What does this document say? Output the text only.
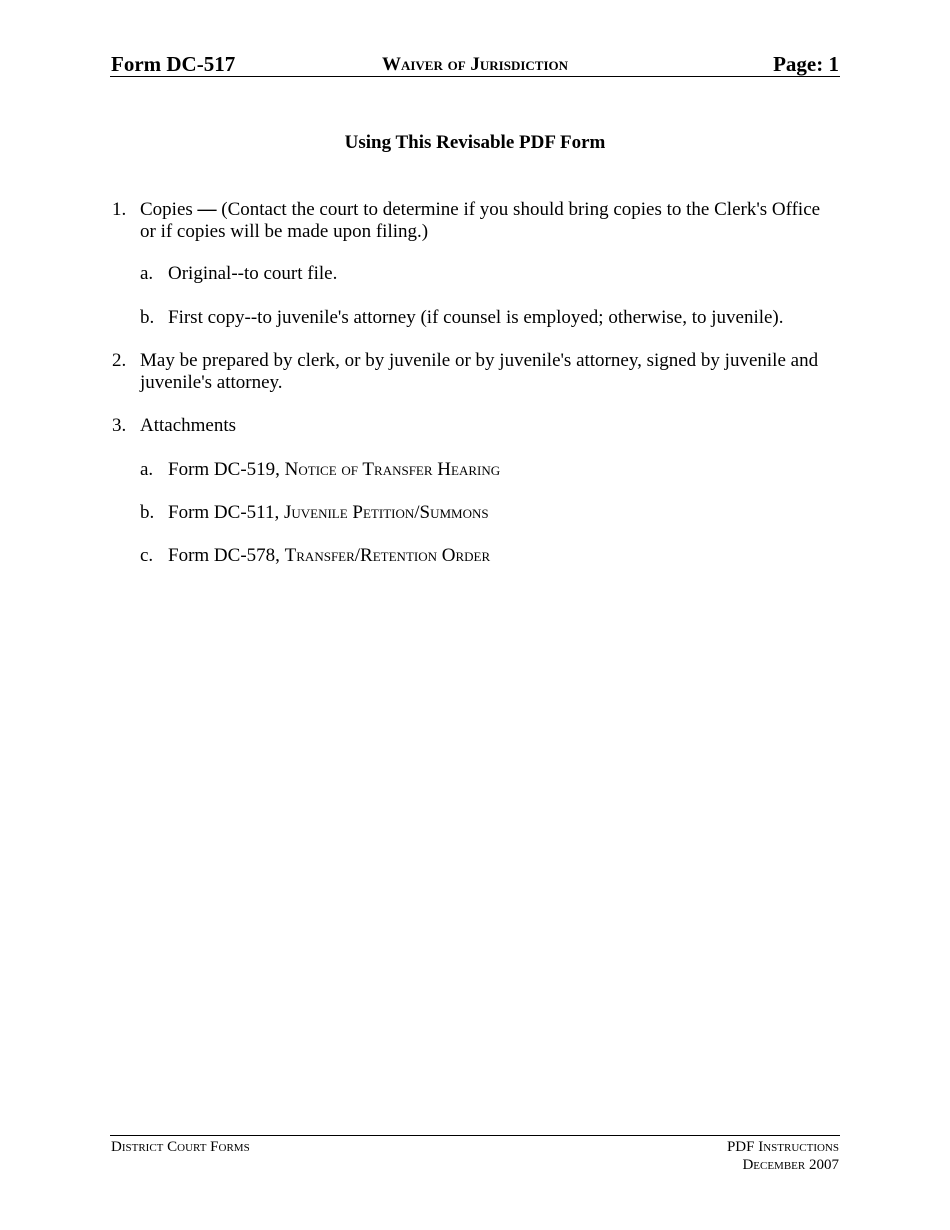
Form DC-517	Waiver of Jurisdiction	Page: 1
Using This Revisable PDF Form
1. Copies — (Contact the court to determine if you should bring copies to the Clerk's Office or if copies will be made upon filing.)
a. Original--to court file.
b. First copy--to juvenile's attorney (if counsel is employed; otherwise, to juvenile).
2. May be prepared by clerk, or by juvenile or by juvenile's attorney, signed by juvenile and juvenile's attorney.
3. Attachments
a. Form DC-519, Notice of Transfer Hearing
b. Form DC-511, Juvenile Petition/Summons
c. Form DC-578, Transfer/Retention Order
District Court Forms	PDF Instructions
December 2007
